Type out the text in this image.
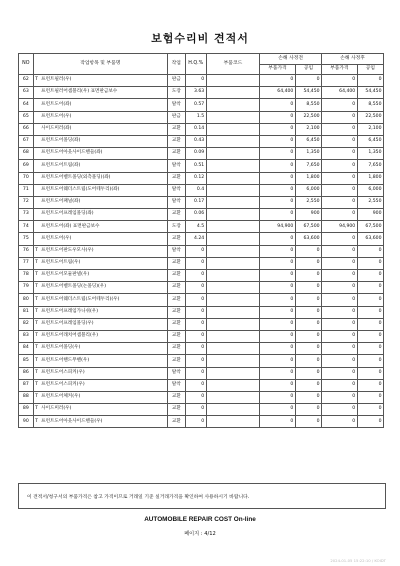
보험수리비 견적서
NO	작업항목 및 부품명	작업	H.Q.%	부품코드	손해 사정전		손해 사정후	
					부품가격	공임	부품가격	공임
62	T 프런트필러(우)	판금	0		0	0	0	0
63	프런트필러어셈블리(우) 표면판금보수	도장	3.63		64,400	54,450	64,400	54,450
64	프런트도어(좌)	탈착	0.57		0	8,550	0	8,550
65	프런트도어(우)	판금	1.5		0	22,500	0	22,500
66	사이드미러(좌)	교환	0.14		0	2,100	0	2,100
67	프런트도어몰딩(좌)	교환	0.43		0	6,450	0	6,450
68	프런트도어아웃사이드핸들(좌)	교환	0.09		0	1,350	0	1,350
69	프런트도어트림(좌)	탈착	0.51		0	7,650	0	7,650
70	프런트도어벨트몰딩(외측몰딩)(좌)	교환	0.12		0	1,800	0	1,800
71	프런트도어웨더스트립(도어테두리)(좌)	탈착	0.4		0	6,000	0	6,000
72	프런트도어패널(좌)	탈착	0.17		0	2,550	0	2,550
73	프런트도어프레임몰딩(좌)	교환	0.06		0	900	0	900
74	프런트도어(좌) 표면판금보수	도장	4.5		94,900	67,500	94,900	67,500
75	프런트도어(우)	교환	4.24		0	63,600	0	63,600
76	T 프런트도어판도우모사(우)	탈착	0		0	0	0	0
77	T 프런트도어트림(우)	교환	0		0	0	0	0
78	T 프런트도어모듈판넬(우)	교환	0		0	0	0	0
79	T 프런트도어벨트몰딩(논몰딩)(우)	교환	0		0	0	0	0
80	T 프런트도어웨더스트립(도어테두리)(우)	교환	0		0	0	0	0
81	T 프런트도어프레임가니쉬(우)	교환	0		0	0	0	0
82	T 프런트도어프레임몰딩(우)	교환	0		0	0	0	0
83	T 프런트도어래치어셈블리(우)	교환	0		0	0	0	0
84	T 프런트도어몰딩(우)	교환	0		0	0	0	0
85	T 프런트도어핸드무핸(우)	교환	0		0	0	0	0
86	T 프런트도어스피커(우)	탈착	0		0	0	0	0
87	T 프런트도어스피커(우)	탈착	0		0	0	0	0
88	T 프런트도어체커(우)	교환	0		0	0	0	0
89	T 사이드미러(우)	교환	0		0	0	0	0
90	T 프런트도어아웃사이드핸들(우)	교환	0		0	0	0	0
이 견적서/청구서의 부품가격은 참고 가격이므로 거래일 기준 실거래가격을 확인하여 사용하시기 바랍니다.
AUTOMOBILE REPAIR COST On-line
페이지 : 4/12
2024-01-05 15:22:10 / KOIDT
